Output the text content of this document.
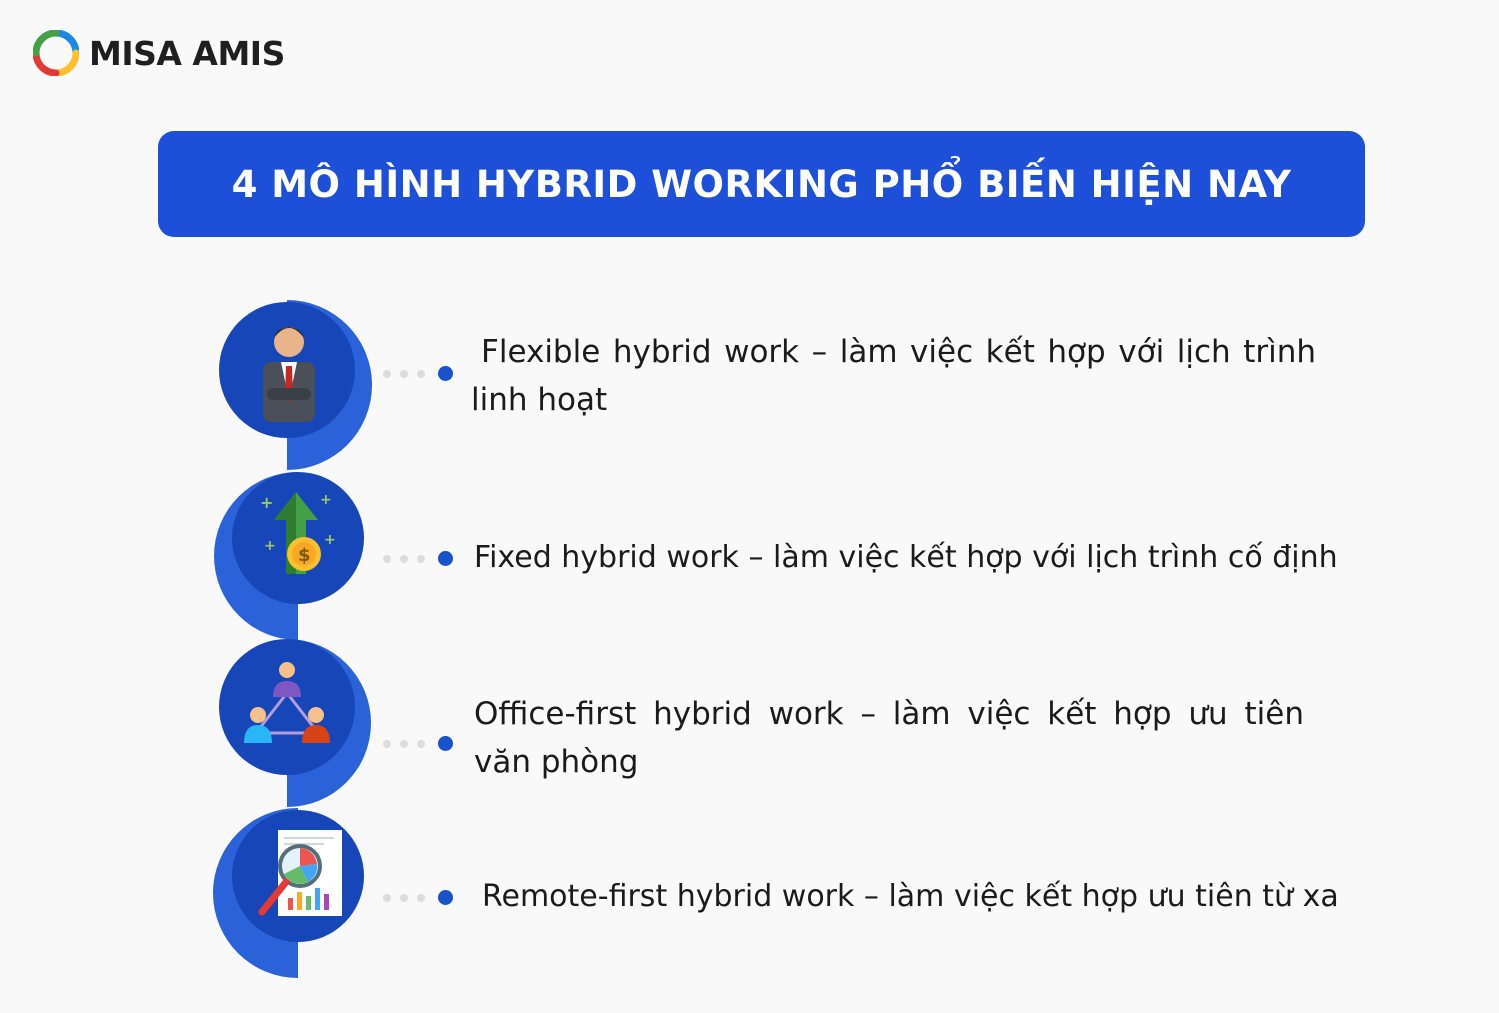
MISA AMIS
4 MÔ HÌNH HYBRID WORKING PHỔ BIẾN HIỆN NAY
Flexible hybrid work – làm việc kết hợp với lịch trình linh hoạt
$
+	+
+
+	Fixed hybrid work – làm việc kết hợp với lịch trình cố định
Office-first hybrid work – làm việc kết hợp ưu tiên văn phòng
Remote-first hybrid work – làm việc kết hợp ưu tiên từ xa
